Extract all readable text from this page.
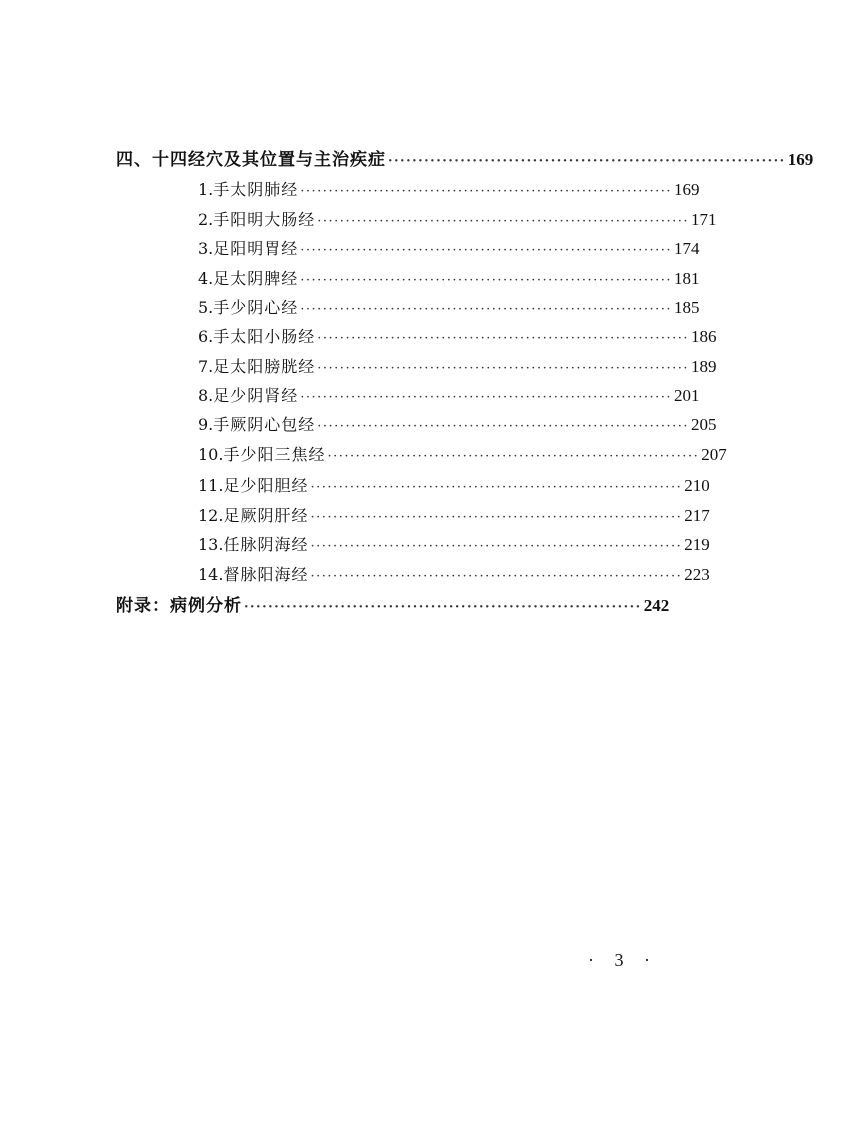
四、十四经穴及其位置与主治疾症 ·································································· 169
1. 手太阴肺经 ·································································· 169
2. 手阳明大肠经 ·································································· 171
3. 足阳明胃经 ·································································· 174
4. 足太阴脾经 ·································································· 181
5. 手少阴心经 ·································································· 185
6. 手太阳小肠经 ·································································· 186
7. 足太阳膀胱经 ·································································· 189
8. 足少阴肾经 ·································································· 201
9. 手厥阴心包经 ·································································· 205
10. 手少阳三焦经 ·································································· 207
11. 足少阳胆经 ·································································· 210
12. 足厥阴肝经 ·································································· 217
13. 任脉阴海经 ·································································· 219
14. 督脉阳海经 ·································································· 223
附录：病例分析 ·································································· 242
· 3 ·
